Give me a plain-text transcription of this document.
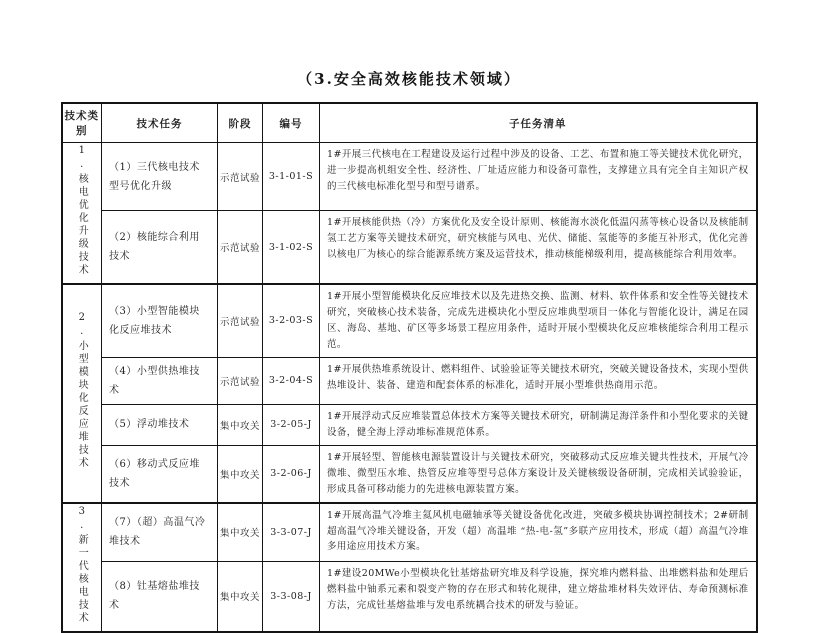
（3.安全高效核能技术领域）
技术类别	技术任务	阶段	编号	子任务清单
1.核电优化升级技术	（1）三代核电技术型号优化升级	示范试验	3-1-01-S	1#开展三代核电在工程建设及运行过程中涉及的设备、工艺、布置和施工等关键技术优化研究，进一步提高机组安全性、经济性、厂址适应能力和设备可靠性，支撑建立具有完全自主知识产权的三代核电标准化型号和型号谱系。
	（2）核能综合利用技术	示范试验	3-1-02-S	1#开展核能供热（冷）方案优化及安全设计原则、核能海水淡化低温闪蒸等核心设备以及核能制氢工艺方案等关键技术研究，研究核能与风电、光伏、储能、氢能等的多能互补形式，优化完善以核电厂为核心的综合能源系统方案及运营技术，推动核能梯级利用，提高核能综合利用效率。
2.小型模块化反应堆技术	（3）小型智能模块化反应堆技术	示范试验	3-2-03-S	1#开展小型智能模块化反应堆技术以及先进热交换、监测、材料、软件体系和安全性等关键技术研究，突破核心技术装备，完成先进模块化小型反应堆典型项目一体化与智能化设计，满足在园区、海岛、基地、矿区等多场景工程应用条件，适时开展小型模块化反应堆核能综合利用工程示范。
	（4）小型供热堆技术	示范试验	3-2-04-S	1#开展供热堆系统设计、燃料组件、试验验证等关键技术研究，突破关键设备技术，实现小型供热堆设计、装备、建造和配套体系的标准化，适时开展小型堆供热商用示范。
	（5）浮动堆技术	集中攻关	3-2-05-J	1#开展浮动式反应堆装置总体技术方案等关键技术研究，研制满足海洋条件和小型化要求的关键设备，健全海上浮动堆标准规范体系。
	（6）移动式反应堆技术	集中攻关	3-2-06-J	1#开展轻型、智能核电源装置设计与关键技术研究，突破移动式反应堆关键共性技术，开展气冷微堆、微型压水堆、热管反应堆等型号总体方案设计及关键核级设备研制，完成相关试验验证，形成具备可移动能力的先进核电源装置方案。
3.新一代核电技术	（7）（超）高温气冷堆技术	集中攻关	3-3-07-J	1#开展高温气冷堆主氦风机电磁轴承等关键设备优化改进，突破多模块协调控制技术；2#研制超高温气冷堆关键设备，开发（超）高温堆 “热-电-氢”多联产应用技术，形成（超）高温气冷堆多用途应用技术方案。
	（8）钍基熔盐堆技术	集中攻关	3-3-08-J	1#建设20MWe小型模块化钍基熔盐研究堆及科学设施，探究堆内燃料盐、出堆燃料盐和处理后燃料盐中铀系元素和裂变产物的存在形式和转化规律，建立熔盐堆材料失效评估、寿命预测标准方法，完成钍基熔盐堆与发电系统耦合技术的研发与验证。
